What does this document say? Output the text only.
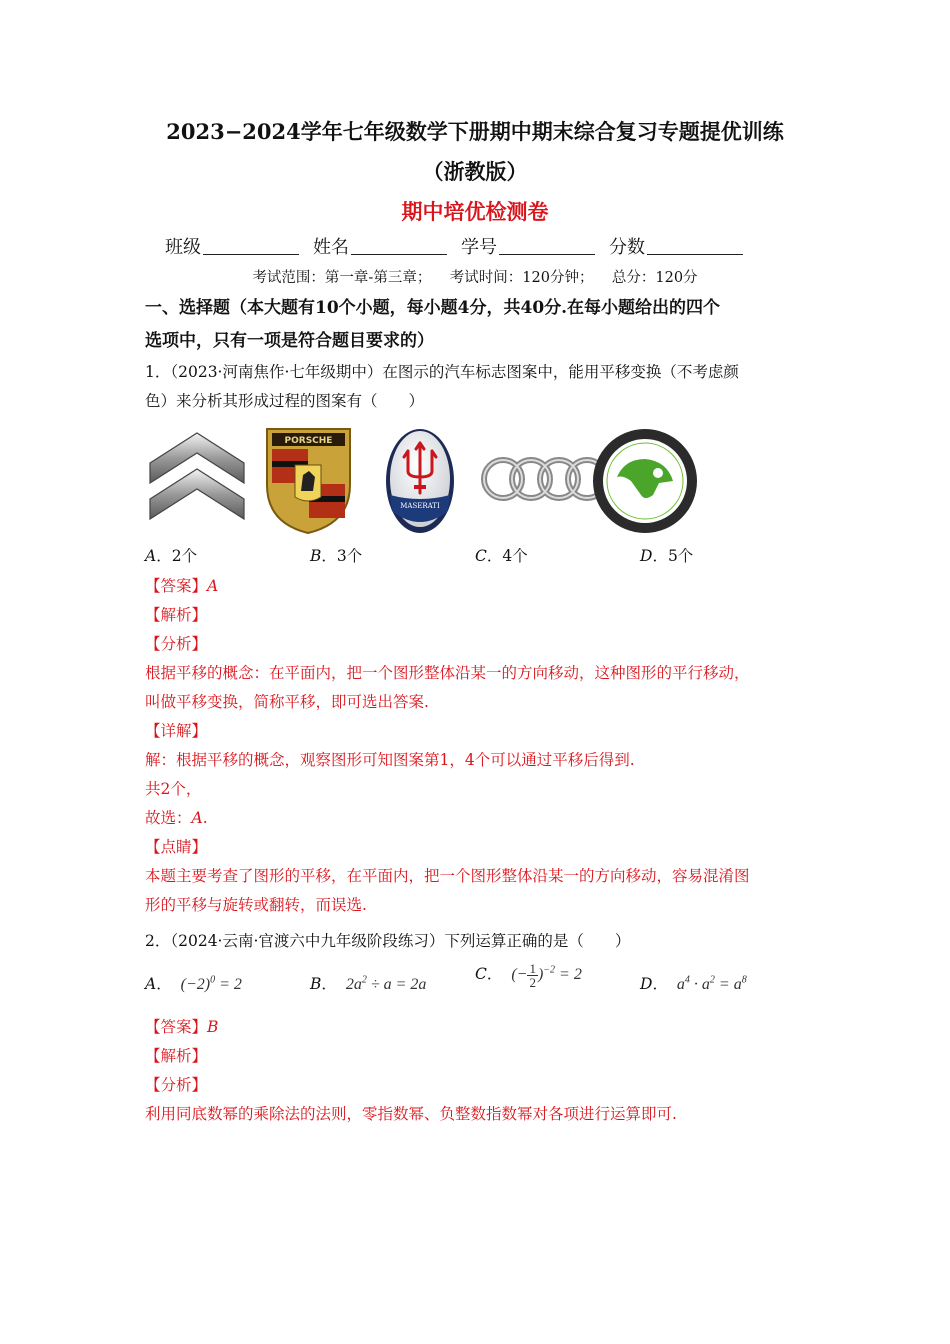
2023−2024学年七年级数学下册期中期末综合复习专题提优训练
（浙教版）
期中培优检测卷
班级	姓名	学号	分数
考试范围：第一章-第三章；    考试时间：120分钟；    总分：120分
一、选择题（本大题有10个小题，每小题4分，共40分.在每小题给出的四个
选项中，只有一项是符合题目要求的）
1．（2023·河南焦作·七年级期中）在图示的汽车标志图案中，能用平移变换（不考虑颜
色）来分析其形成过程的图案有（　　）
PORSCHE
MASERATI
A．2个	B．3个	C．4个	D．5个
【答案】A
【解析】
【分析】
根据平移的概念：在平面内，把一个图形整体沿某一的方向移动，这种图形的平行移动，
叫做平移变换，简称平移，即可选出答案.
【详解】
解：根据平移的概念，观察图形可知图案第1，4个可以通过平移后得到.
共2个，
故选：A.
【点睛】
本题主要考查了图形的平移，在平面内，把一个图形整体沿某一的方向移动，容易混淆图
形的平移与旋转或翻转，而误选.
2．（2024·云南·官渡六中九年级阶段练习）下列运算正确的是（　　）
A． $(-2)^0 = 2$	B． $2a^2 \div a = 2a$
C． (− $\frac{1}{2} )^{-2} = 2$
D． $a^4 \cdot a^2 = a^8$
【答案】B
【解析】
【分析】
利用同底数幂的乘除法的法则，零指数幂、负整数指数幂对各项进行运算即可.
